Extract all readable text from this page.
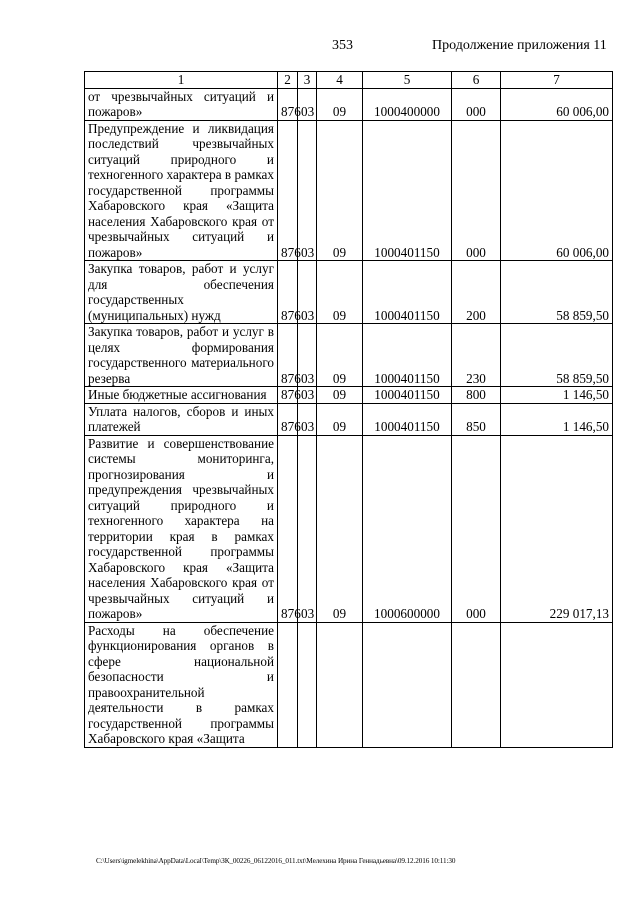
353	Продолжение приложения 11
1	2	3	4	5	6	7
от чрезвычайных ситуаций и пожаров»	876	03	09	1000400000	000	60 006,00
Предупреждение и ликвидация последствий чрезвычайных ситуаций природного и техногенного характера в рамках государственной программы Хабаровского края «Защита населения Хабаровского края от чрезвычайных ситуаций и пожаров»	876	03	09	1000401150	000	60 006,00
Закупка товаров, работ и услуг для обеспечения государственных (муниципальных) нужд	876	03	09	1000401150	200	58 859,50
Закупка товаров, работ и услуг в целях формирования государственного материального резерва	876	03	09	1000401150	230	58 859,50
Иные бюджетные ассигнования	876	03	09	1000401150	800	1 146,50
Уплата налогов, сборов и иных платежей	876	03	09	1000401150	850	1 146,50
Развитие и совершенствование системы мониторинга, прогнозирования и предупреждения чрезвычайных ситуаций природного и техногенного характера на территории края в рамках государственной программы Хабаровского края «Защита населения Хабаровского края от чрезвычайных ситуаций и пожаров»	876	03	09	1000600000	000	229 017,13
Расходы на обеспечение функционирования органов в сфере национальной безопасности и правоохранительной деятельности в рамках государственной программы Хабаровского края «Защита						
C:\Users\igmelekhina\AppData\Local\Temp\ЗК_00226_06122016_011.txt\Мелехина Ирина Геннадьевна\09.12.2016 10:11:30
